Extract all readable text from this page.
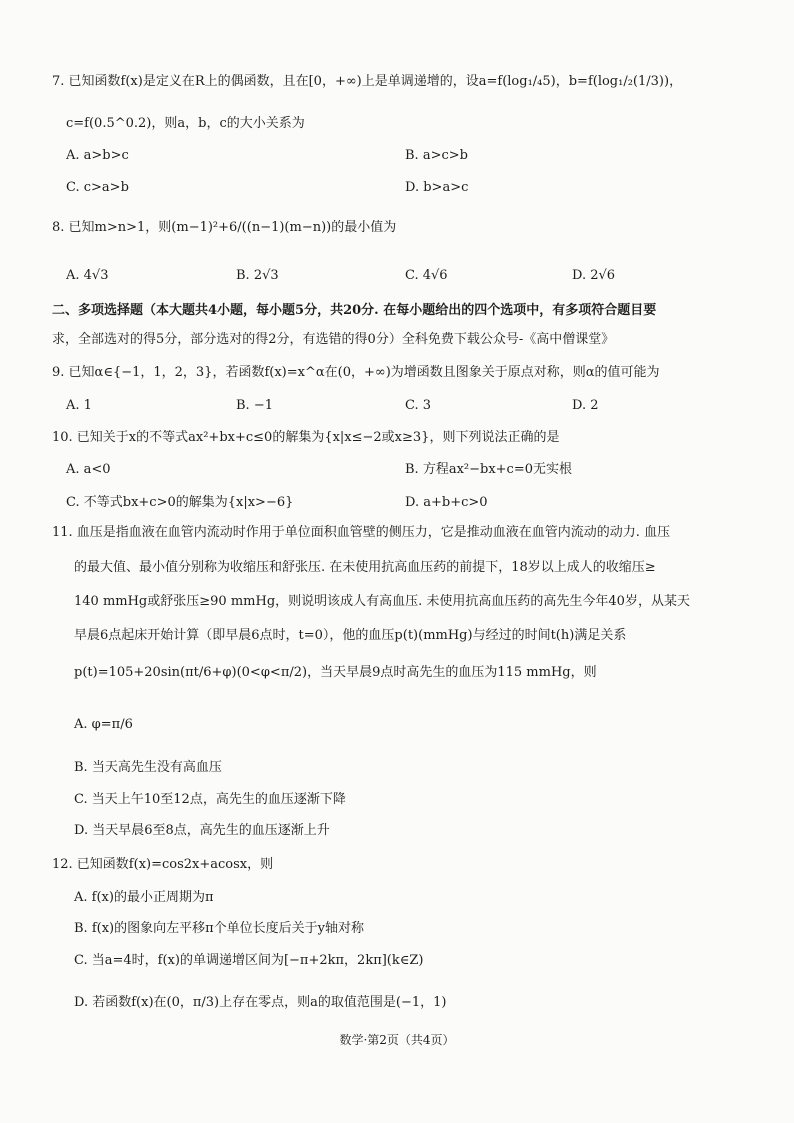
7. 已知函数f(x)是定义在R上的偶函数，且在[0，+∞)上是单调递增的，设a=f(log₁/₄5)，b=f(log₁/₂(1/3))，
c=f(0.5^0.2)，则a，b，c的大小关系为
A. a>b>c	B. a>c>b
C. c>a>b	D. b>a>c
8. 已知m>n>1，则(m−1)²+6/((n−1)(m−n))的最小值为
A. 4√3	B. 2√3	C. 4√6	D. 2√6
二、多项选择题（本大题共4小题，每小题5分，共20分. 在每小题给出的四个选项中，有多项符合题目要
求，全部选对的得5分，部分选对的得2分，有选错的得0分）全科免费下载公众号-《高中僧课堂》
9. 已知α∈{−1，1，2，3}，若函数f(x)=x^α在(0，+∞)为增函数且图象关于原点对称，则α的值可能为
A. 1	B. −1	C. 3	D. 2
10. 已知关于x的不等式ax²+bx+c≤0的解集为{x|x≤−2或x≥3}，则下列说法正确的是
A. a<0	B. 方程ax²−bx+c=0无实根
C. 不等式bx+c>0的解集为{x|x>−6}	D. a+b+c>0
11. 血压是指血液在血管内流动时作用于单位面积血管壁的侧压力，它是推动血液在血管内流动的动力. 血压
的最大值、最小值分别称为收缩压和舒张压. 在未使用抗高血压药的前提下，18岁以上成人的收缩压≥
140 mmHg或舒张压≥90 mmHg，则说明该成人有高血压. 未使用抗高血压药的高先生今年40岁，从某天
早晨6点起床开始计算（即早晨6点时，t=0），他的血压p(t)(mmHg)与经过的时间t(h)满足关系
p(t)=105+20sin(πt/6+φ)(0<φ<π/2)，当天早晨9点时高先生的血压为115 mmHg，则
A. φ=π/6
B. 当天高先生没有高血压
C. 当天上午10至12点，高先生的血压逐渐下降
D. 当天早晨6至8点，高先生的血压逐渐上升
12. 已知函数f(x)=cos2x+acosx，则
A. f(x)的最小正周期为π
B. f(x)的图象向左平移π个单位长度后关于y轴对称
C. 当a=4时，f(x)的单调递增区间为[−π+2kπ，2kπ](k∈Z)
D. 若函数f(x)在(0，π/3)上存在零点，则a的取值范围是(−1，1)
数学·第2页（共4页）
